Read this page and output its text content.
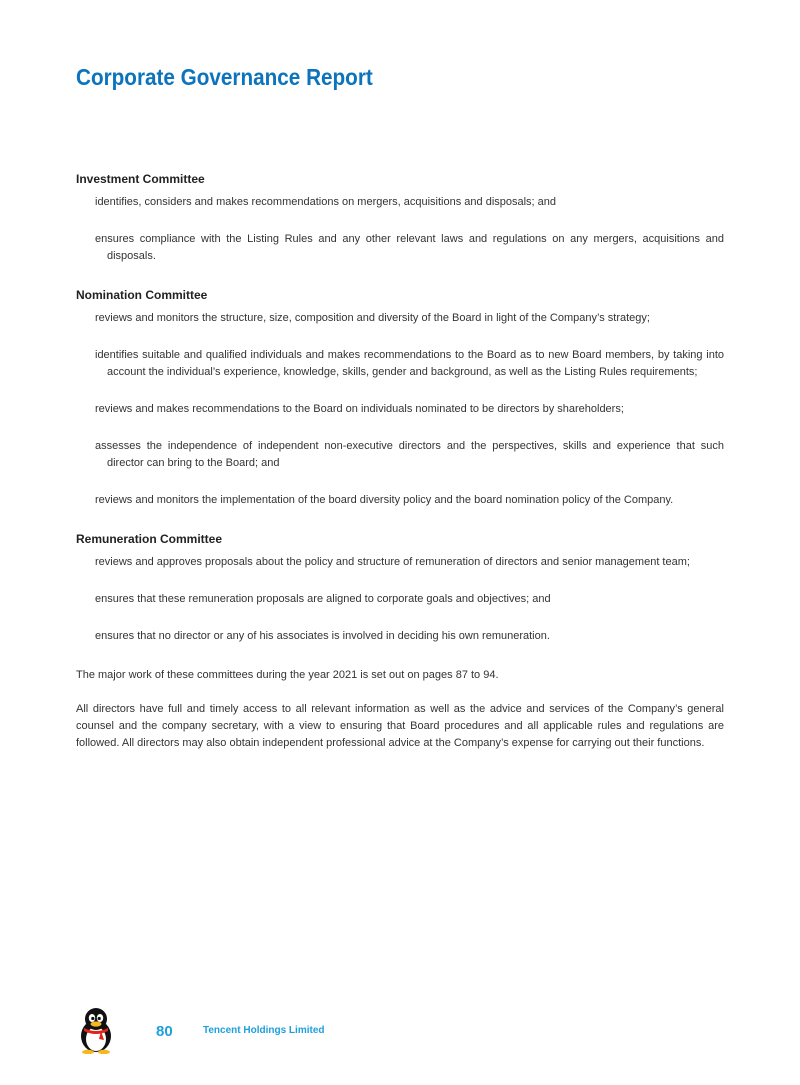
Corporate Governance Report

Investment Committee

identifies, considers and makes recommendations on mergers, acquisitions and disposals; and

ensures compliance with the Listing Rules and any other relevant laws and regulations on any mergers, acquisitions and disposals.

Nomination Committee

reviews and monitors the structure, size, composition and diversity of the Board in light of the Company’s strategy;

identifies suitable and qualified individuals and makes recommendations to the Board as to new Board members, by taking into account the individual’s experience, knowledge, skills, gender and background, as well as the Listing Rules requirements;

reviews and makes recommendations to the Board on individuals nominated to be directors by shareholders;

assesses the independence of independent non-executive directors and the perspectives, skills and experience that such director can bring to the Board; and

reviews and monitors the implementation of the board diversity policy and the board nomination policy of the Company.

Remuneration Committee

reviews and approves proposals about the policy and structure of remuneration of directors and senior management team;

ensures that these remuneration proposals are aligned to corporate goals and objectives; and

ensures that no director or any of his associates is involved in deciding his own remuneration.

The major work of these committees during the year 2021 is set out on pages 87 to 94.

All directors have full and timely access to all relevant information as well as the advice and services of the Company’s general counsel and the company secretary, with a view to ensuring that Board procedures and all applicable rules and regulations are followed. All directors may also obtain independent professional advice at the Company’s expense for carrying out their functions.

80	Tencent Holdings Limited
